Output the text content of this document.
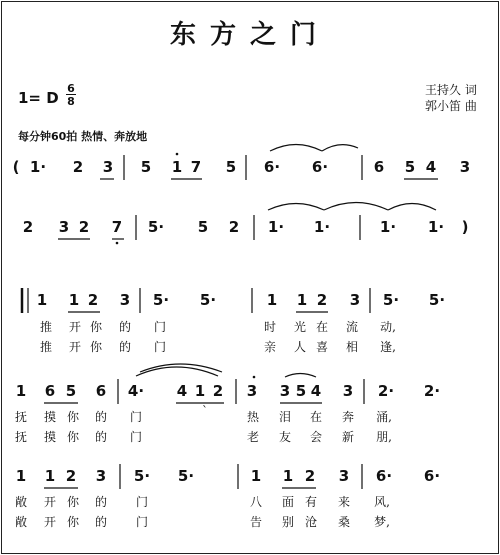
东方之门
王持久 词
郭小笛 曲
1= D
6
8
每分钟60拍 热情、奔放地
( 1· 2 3 5 1 7 5 6· 6·	6 5 4 3
2 3 2 7 5· 5 2 1· 1·	1· 1· )
1 1 2 3 5· 5·	1 1 2 3 5· 5·
推 开 你 的 门	时 光 在 流 动,
推 开 你 的 门	亲 人 喜 相 逢,
1 6 5 6 4· 4 1 2 3 3 5 4 3 2· 2·
抚 摸 你 的 门	`	热 泪 在 奔 涌,
抚 摸 你 的 门	老 友 会 新 朋,
1 1 2 3 5· 5·	1 1 2 3 6· 6·
敞 开 你 的 门	八 面 有 来 风,
敞 开 你 的 门	告 别 沧 桑 梦,
